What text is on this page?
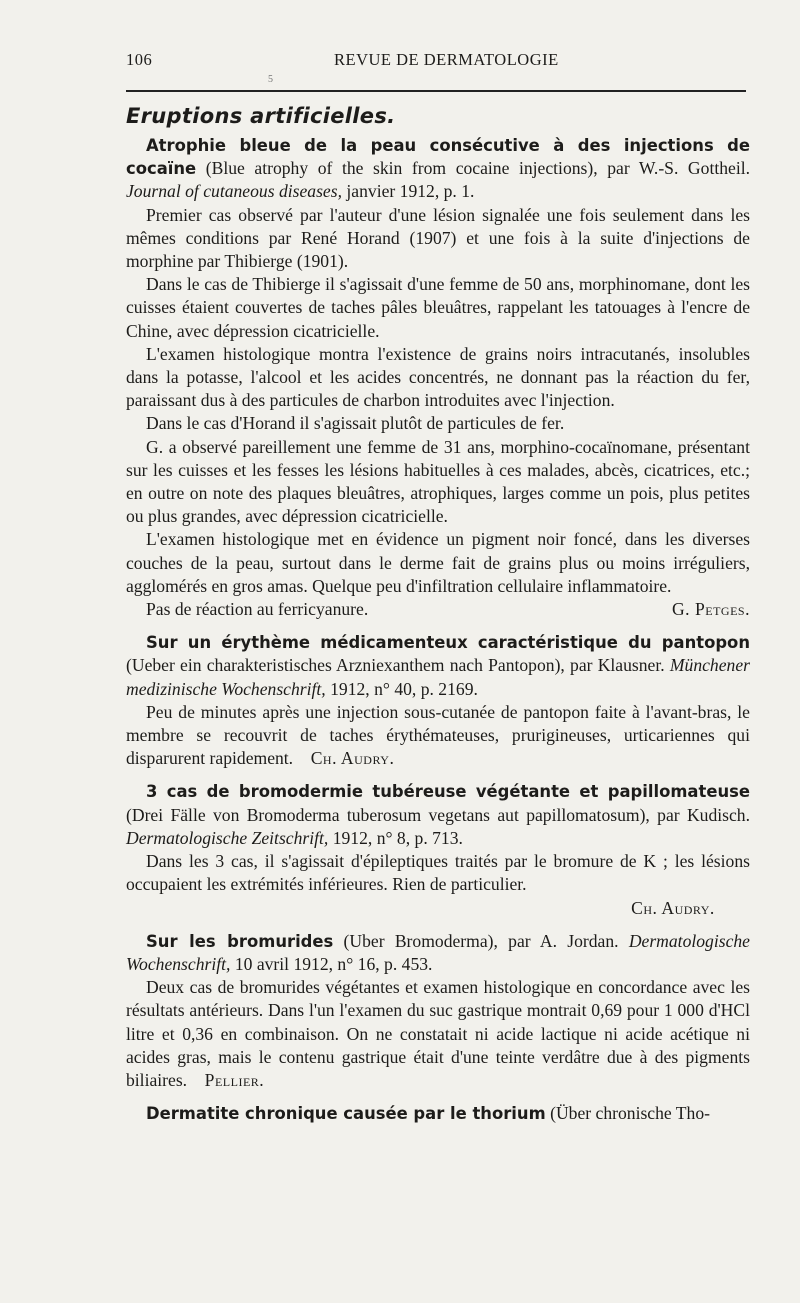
106	REVUE DE DERMATOLOGIE
5
Eruptions artificielles.

Atrophie bleue de la peau consécutive à des injections de cocaïne (Blue atrophy of the skin from cocaine injections), par W.-S. Gottheil. Journal of cutaneous diseases, janvier 1912, p. 1.

Premier cas observé par l'auteur d'une lésion signalée une fois seulement dans les mêmes conditions par René Horand (1907) et une fois à la suite d'injections de morphine par Thibierge (1901).

Dans le cas de Thibierge il s'agissait d'une femme de 50 ans, morphinomane, dont les cuisses étaient couvertes de taches pâles bleuâtres, rappelant les tatouages à l'encre de Chine, avec dépression cicatricielle.

L'examen histologique montra l'existence de grains noirs intracutanés, insolubles dans la potasse, l'alcool et les acides concentrés, ne donnant pas la réaction du fer, paraissant dus à des particules de charbon introduites avec l'injection.

Dans le cas d'Horand il s'agissait plutôt de particules de fer.

G. a observé pareillement une femme de 31 ans, morphino-cocaïnomane, présentant sur les cuisses et les fesses les lésions habituelles à ces malades, abcès, cicatrices, etc.; en outre on note des plaques bleuâtres, atrophiques, larges comme un pois, plus petites ou plus grandes, avec dépression cicatricielle.

L'examen histologique met en évidence un pigment noir foncé, dans les diverses couches de la peau, surtout dans le derme fait de grains plus ou moins irréguliers, agglomérés en gros amas. Quelque peu d'infiltration cellulaire inflammatoire.

Pas de réaction au ferricyanure.	G. Petges.

Sur un érythème médicamenteux caractéristique du pantopon (Ueber ein charakteristisches Arzniexanthem nach Pantopon), par Klausner. Münchener medizinische Wochenschrift, 1912, n° 40, p. 2169.

Peu de minutes après une injection sous-cutanée de pantopon faite à l'avant-bras, le membre se recouvrit de taches érythémateuses, prurigineuses, urticariennes qui disparurent rapidement. Ch. Audry.

3 cas de bromodermie tubéreuse végétante et papillomateuse (Drei Fälle von Bromoderma tuberosum vegetans aut papillomatosum), par Kudisch. Dermatologische Zeitschrift, 1912, n° 8, p. 713.

Dans les 3 cas, il s'agissait d'épileptiques traités par le bromure de K ; les lésions occupaient les extrémités inférieures. Rien de particulier.

Ch. Audry.

Sur les bromurides (Uber Bromoderma), par A. Jordan. Dermatologische Wochenschrift, 10 avril 1912, n° 16, p. 453.

Deux cas de bromurides végétantes et examen histologique en concordance avec les résultats antérieurs. Dans l'un l'examen du suc gastrique montrait 0,69 pour 1 000 d'HCl litre et 0,36 en combinaison. On ne constatait ni acide lactique ni acide acétique ni acides gras, mais le contenu gastrique était d'une teinte verdâtre due à des pigments biliaires. Pellier.

Dermatite chronique causée par le thorium (Über chronische Tho-
